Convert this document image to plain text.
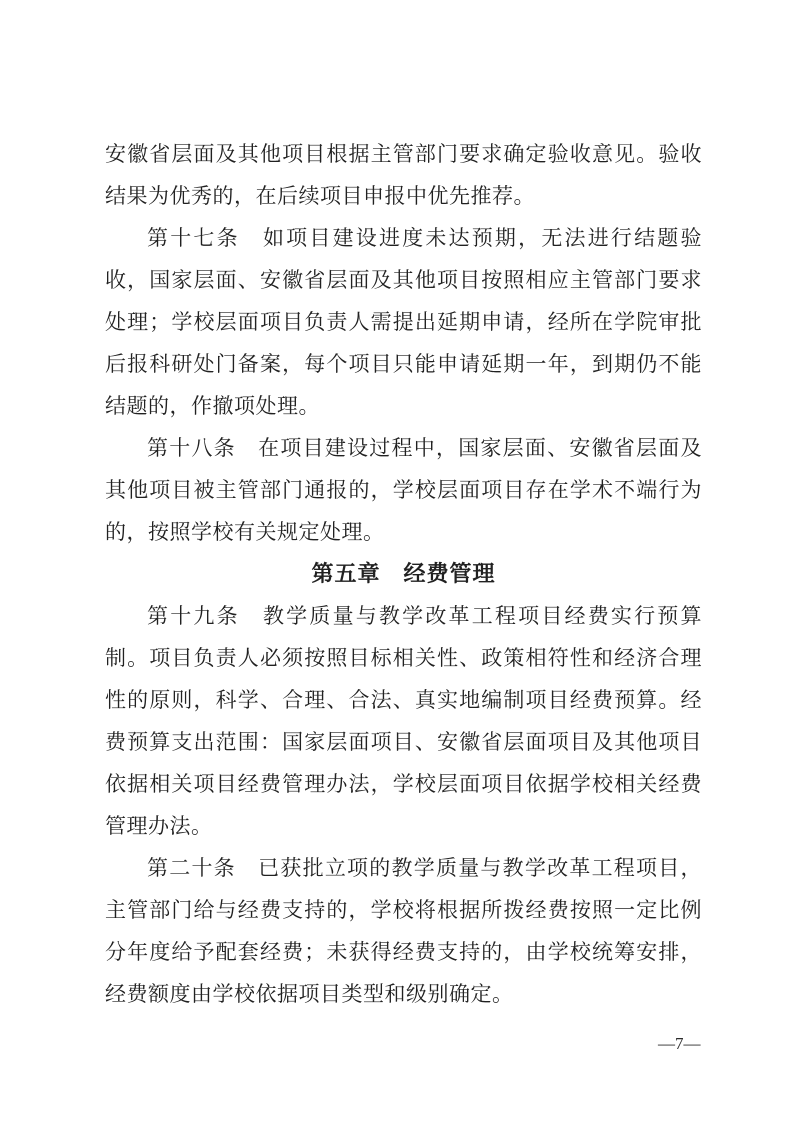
安徽省层面及其他项目根据主管部门要求确定验收意见。验收结果为优秀的，在后续项目申报中优先推荐。

第十七条　如项目建设进度未达预期，无法进行结题验收，国家层面、安徽省层面及其他项目按照相应主管部门要求处理；学校层面项目负责人需提出延期申请，经所在学院审批后报科研处门备案，每个项目只能申请延期一年，到期仍不能结题的，作撤项处理。

第十八条　在项目建设过程中，国家层面、安徽省层面及其他项目被主管部门通报的，学校层面项目存在学术不端行为的，按照学校有关规定处理。

第五章　经费管理

第十九条　教学质量与教学改革工程项目经费实行预算制。项目负责人必须按照目标相关性、政策相符性和经济合理性的原则，科学、合理、合法、真实地编制项目经费预算。经费预算支出范围：国家层面项目、安徽省层面项目及其他项目依据相关项目经费管理办法，学校层面项目依据学校相关经费管理办法。

第二十条　已获批立项的教学质量与教学改革工程项目，主管部门给与经费支持的，学校将根据所拨经费按照一定比例分年度给予配套经费；未获得经费支持的，由学校统筹安排，经费额度由学校依据项目类型和级别确定。

—7—
